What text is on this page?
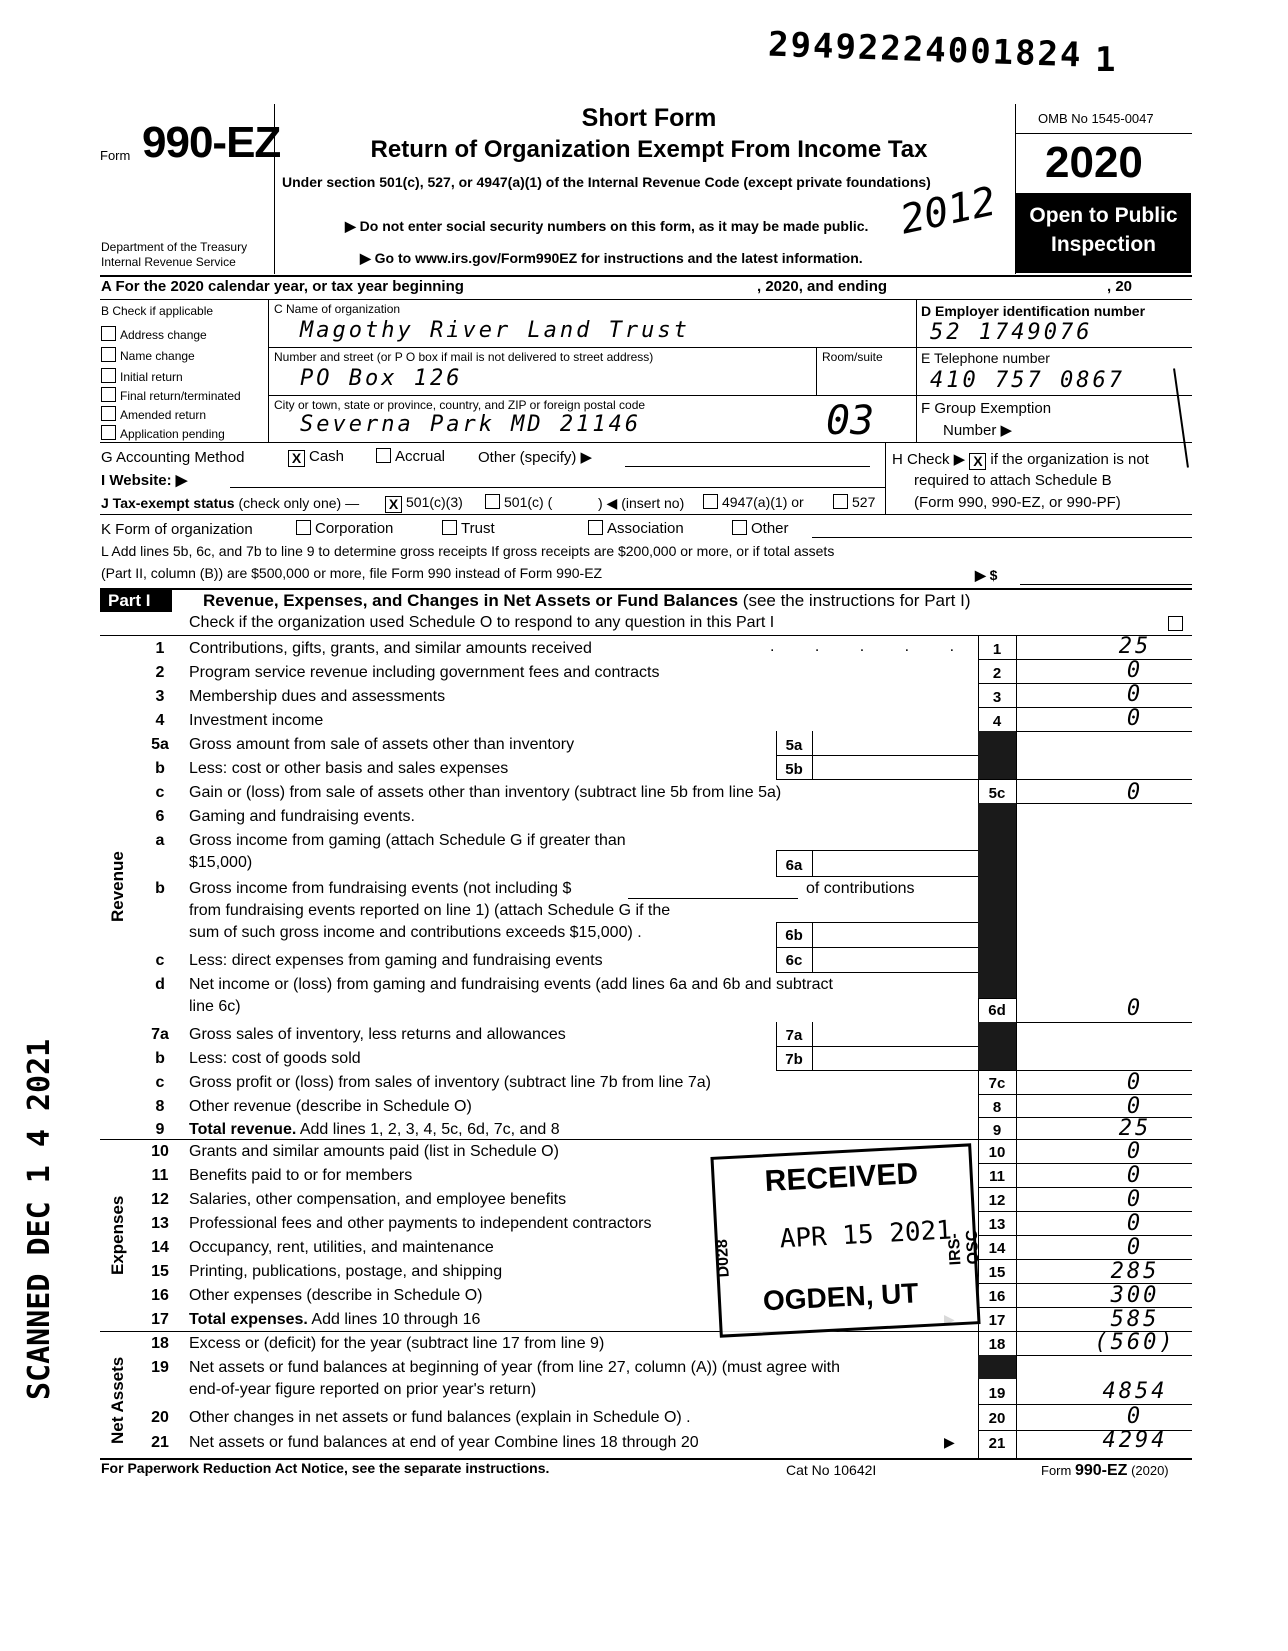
29492224001824 1
Form 990-EZ
Department of the Treasury
Internal Revenue Service
Short Form
Return of Organization Exempt From Income Tax
Under section 501(c), 527, or 4947(a)(1) of the Internal Revenue Code (except private foundations)
▶ Do not enter social security numbers on this form, as it may be made public.
▶ Go to www.irs.gov/Form990EZ for instructions and the latest information.
2012
OMB No 1545-0047
2020
Open to Public
Inspection
A For the 2020 calendar year, or tax year beginning	, 2020, and ending	, 20
B Check if applicable
Address change
Name change
Initial return
Final return/terminated
Amended return
Application pending
C Name of organization
Magothy River Land Trust
Number and street (or P O box if mail is not delivered to street address)	Room/suite
PO Box 126
City or town, state or province, country, and ZIP or foreign postal code
Severna Park MD 21146	03
D Employer identification number
52 1749076
E Telephone number
410 757 0867
F Group Exemption
Number ▶
G Accounting Method	X Cash	Accrual Other (specify) ▶	H Check ▶ X if the organization is not
required to attach Schedule B
(Form 990, 990-EZ, or 990-PF)
I Website: ▶
J Tax-exempt status (check only one) — X 501(c)(3)	501(c) (	) ◀ (insert no)	4947(a)(1) or	527
K Form of organization	Corporation	Trust	Association	Other
L Add lines 5b, 6c, and 7b to line 9 to determine gross receipts If gross receipts are $200,000 or more, or if total assets
(Part II, column (B)) are $500,000 or more, file Form 990 instead of Form 990-EZ	▶ $
Part I	Revenue, Expenses, and Changes in Net Assets or Fund Balances (see the instructions for Part I)
Check if the organization used Schedule O to respond to any question in this Part I
Revenue
Expenses
Net Assets
1	Contributions, gifts, grants, and similar amounts received	. . . . .	1	25
2	Program service revenue including government fees and contracts	2	0
3	Membership dues and assessments	3	0
4	Investment income	4	0
5a Gross amount from sale of assets other than inventory	5a
b	Less: cost or other basis and sales expenses	5b
c	Gain or (loss) from sale of assets other than inventory (subtract line 5b from line 5a)	5c	0
6	Gaming and fundraising events.
a	Gross income from gaming (attach Schedule G if greater than
$15,000)	6a
b	Gross income from fundraising events (not including $	of contributions
from fundraising events reported on line 1) (attach Schedule G if the
sum of such gross income and contributions exceeds $15,000) .	6b
c	Less: direct expenses from gaming and fundraising events	6c
d	Net income or (loss) from gaming and fundraising events (add lines 6a and 6b and subtract
line 6c)	6d	0
7a Gross sales of inventory, less returns and allowances	7a
b	Less: cost of goods sold	7b
c	Gross profit or (loss) from sales of inventory (subtract line 7b from line 7a)	7c	0
8	Other revenue (describe in Schedule O)	8	0
9	Total revenue. Add lines 1, 2, 3, 4, 5c, 6d, 7c, and 8	9	25
10 Grants and similar amounts paid (list in Schedule O)	10	0
11 Benefits paid to or for members	11	0
12 Salaries, other compensation, and employee benefits	12	0
13 Professional fees and other payments to independent contractors	13	0
14 Occupancy, rent, utilities, and maintenance	14	0
15 Printing, publications, postage, and shipping	15	285
16 Other expenses (describe in Schedule O)	16	300
17 Total expenses. Add lines 10 through 16	17	585
18 Excess or (deficit) for the year (subtract line 17 from line 9)	18	(560)
19 Net assets or fund balances at beginning of year (from line 27, column (A)) (must agree with
end-of-year figure reported on prior year's return)	19	4854
20 Other changes in net assets or fund balances (explain in Schedule O) .	20	0
21 Net assets or fund balances at end of year Combine lines 18 through 20	▶	21	4294
RECEIVED
APR 15 2021
OGDEN, UT
D028	IRS-OSC
SCANNED DEC 1 4 2021
For Paperwork Reduction Act Notice, see the separate instructions.	Cat No 10642I	Form 990-EZ (2020)
